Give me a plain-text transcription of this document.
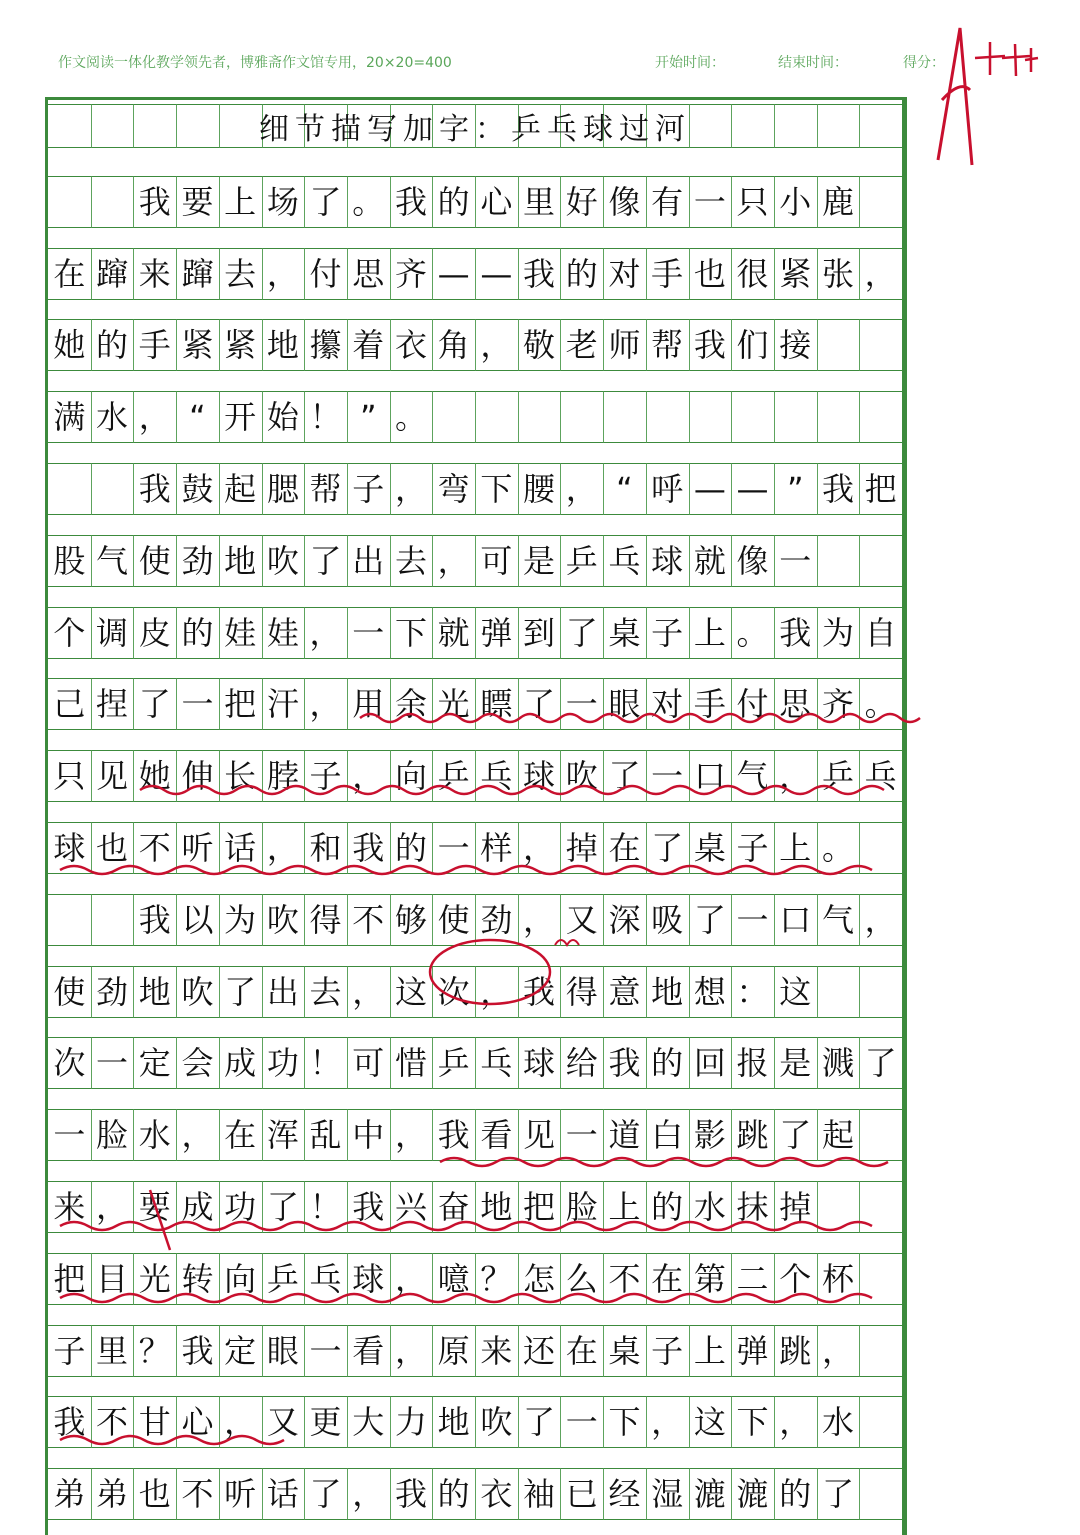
作文阅读一体化教学领先者，博雅斋作文馆专用，20×20=400	开始时间：	结束时间：	得分：
细节描写加字：乒乓球过河

我 要 上 场 了 。 我 的 心 里 好 像 有 一 只 小 鹿
在 蹿 来 蹿 去 ， 付 思 齐 — — 我 的 对 手 也 很 紧 张 ，
她 的 手 紧 紧 地 攥 着 衣 角 ， 敬 老 师 帮 我 们 接
满 水 ， “ 开 始 ！ ” 。

我 鼓 起 腮 帮 子 ， 弯 下 腰 ， “ 呼 — — ” 我 把
股 气 使 劲 地 吹 了 出 去 ， 可 是 乒 乓 球 就 像 一
个 调 皮 的 娃 娃 ， 一 下 就 弹 到 了 桌 子 上 。 我 为 自
己 捏 了 一 把 汗 ， 用 余 光 瞟 了 一 眼 对 手 付 思 齐 。
只 见 她 伸 长 脖 子 ， 向 乒 乓 球 吹 了 一 口 气 ， 乒 乓
球 也 不 听 话 ， 和 我 的 一 样 ， 掉 在 了 桌 子 上 。

我 以 为 吹 得 不 够 使 劲 ， 又 深 吸 了 一 口 气 ，
使 劲 地 吹 了 出 去 ， 这 次 ， 我 得 意 地 想 ： 这
次 一 定 会 成 功 ！ 可 惜 乒 乓 球 给 我 的 回 报 是 溅 了
一 脸 水 ， 在 浑 乱 中 ， 我 看 见 一 道 白 影 跳 了 起
来 ， 要 成 功 了 ！ 我 兴 奋 地 把 脸 上 的 水 抹 掉
把 目 光 转 向 乒 乓 球 ， 噫 ？ 怎 么 不 在 第 二 个 杯
子 里 ？ 我 定 眼 一 看 ， 原 来 还 在 桌 子 上 弹 跳 ，
我 不 甘 心 ， 又 更 大 力 地 吹 了 一 下 ， 这 下 ， 水
弟 弟 也 不 听 话 了 ， 我 的 衣 袖 已 经 湿 漉 漉 的 了
